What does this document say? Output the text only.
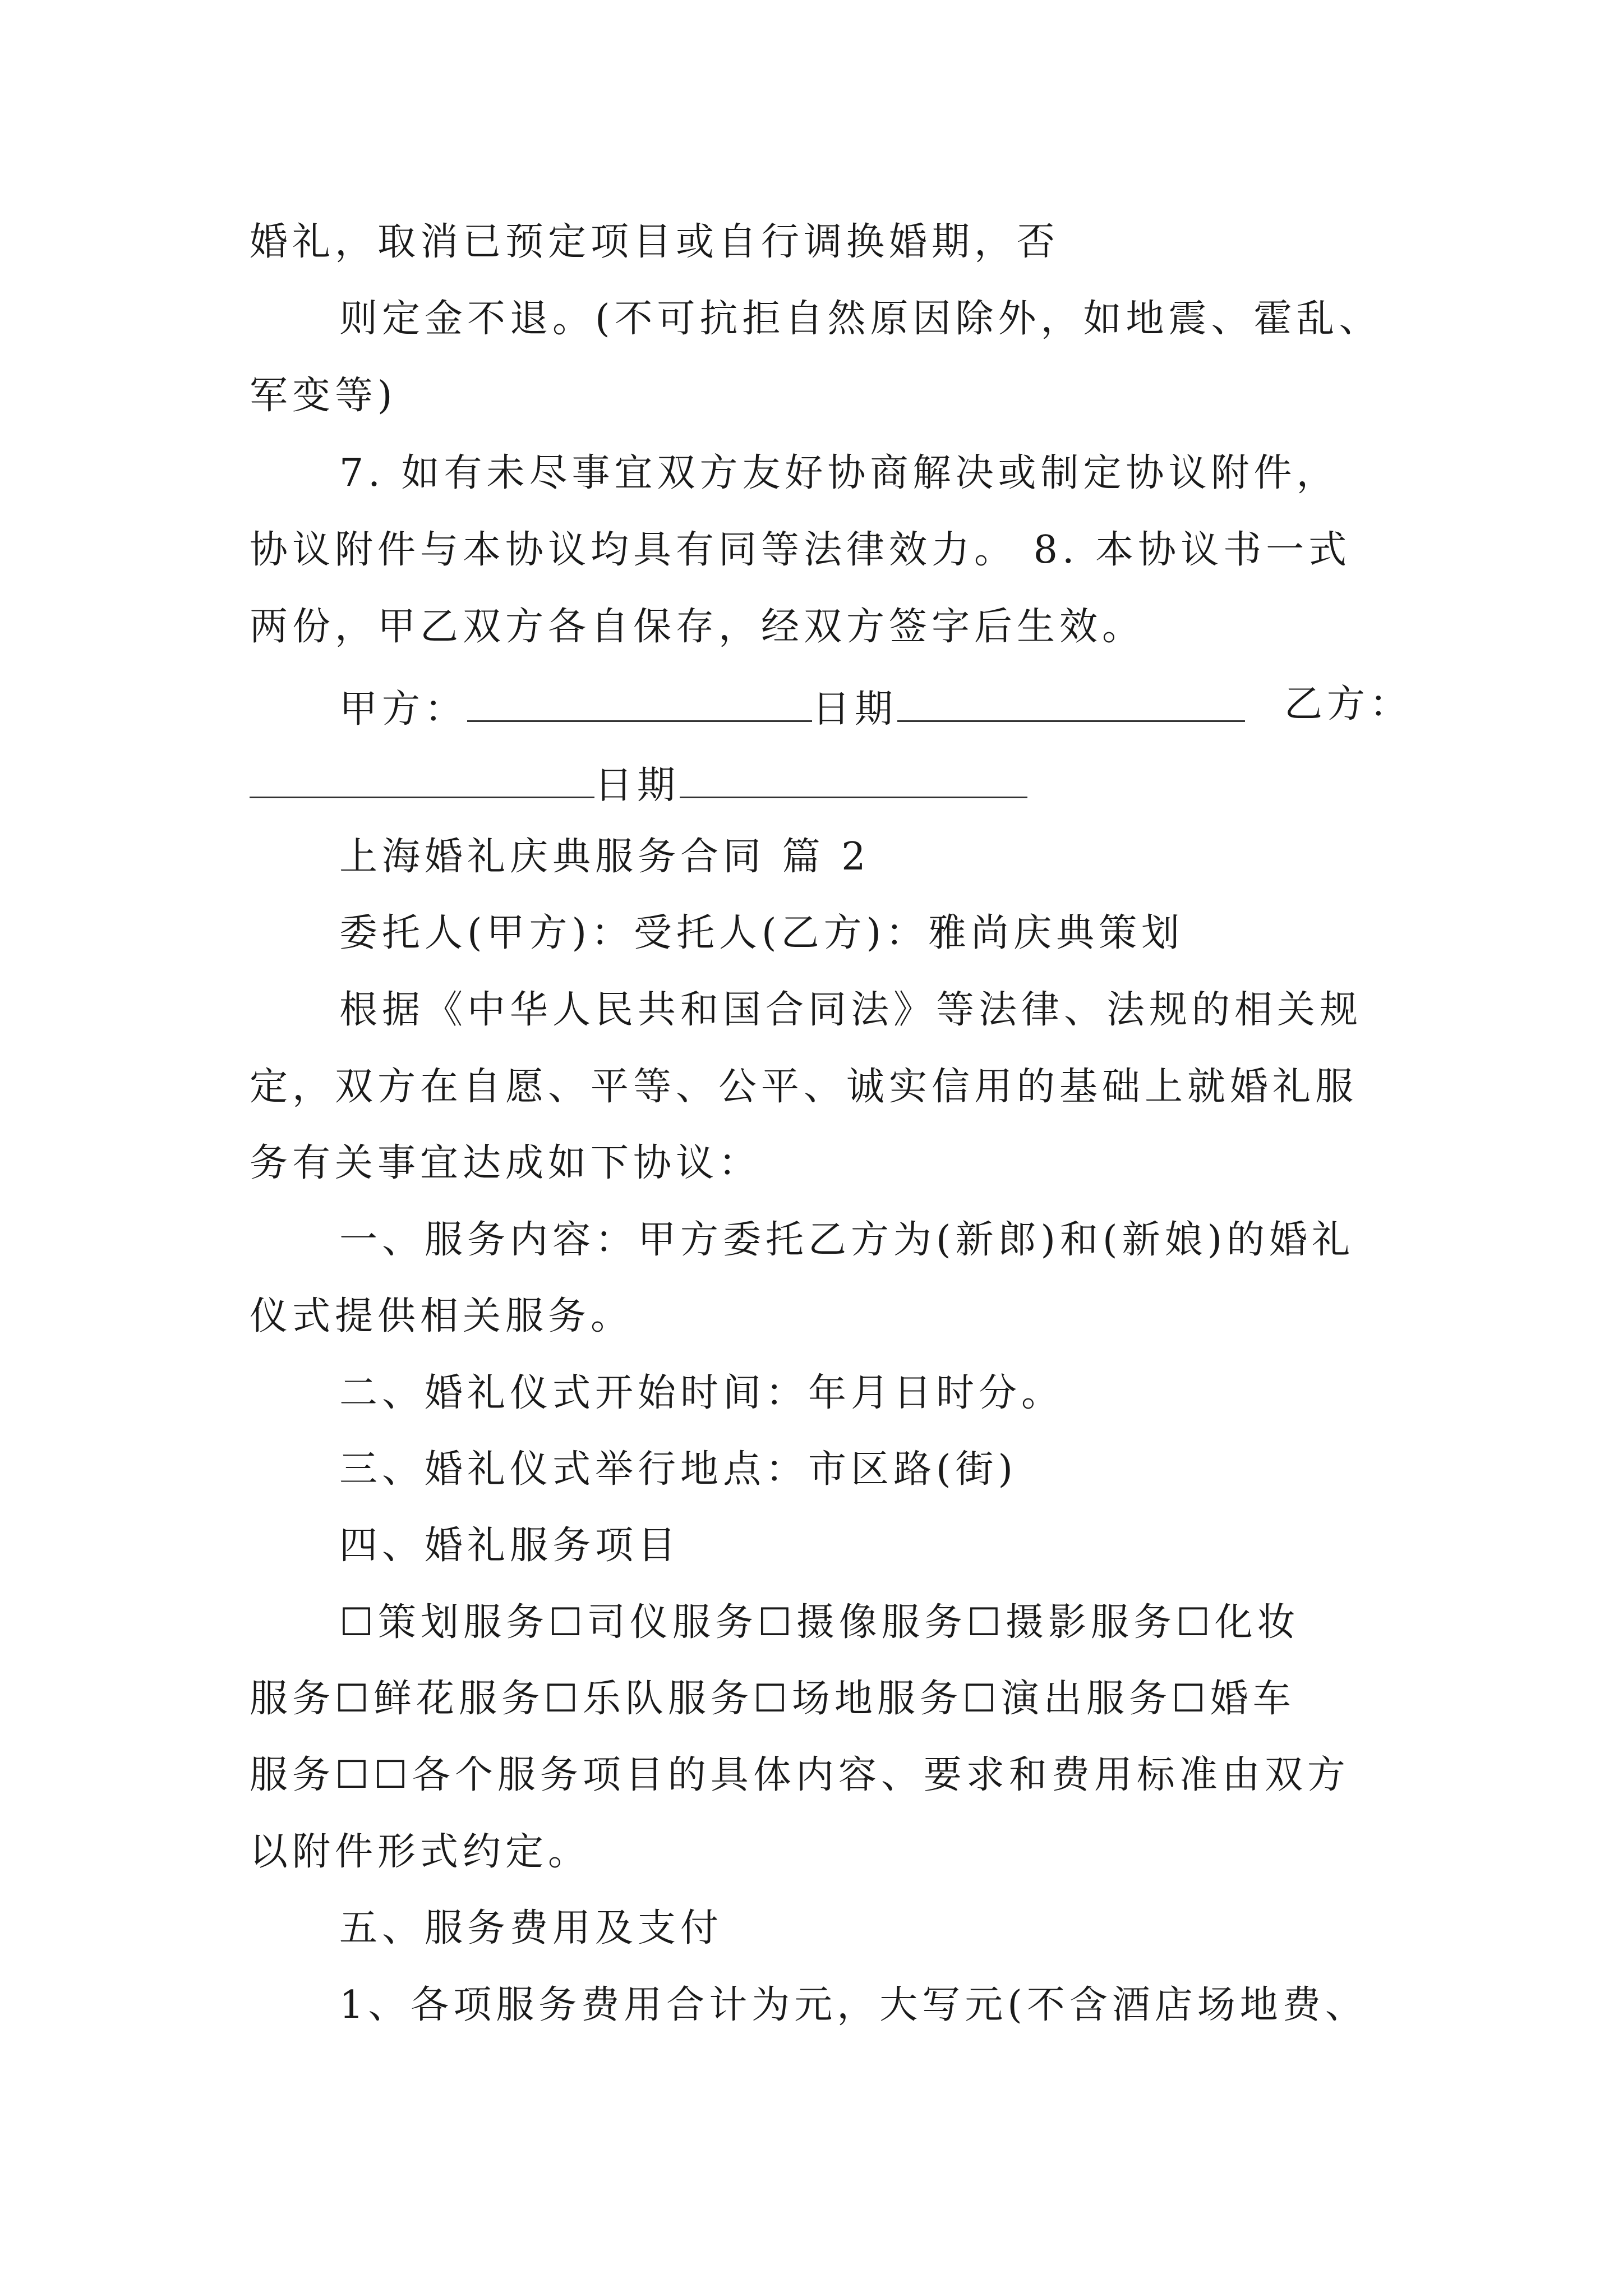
婚礼，取消已预定项目或自行调换婚期，否
则定金不退。(不可抗拒自然原因除外，如地震、霍乱、
军变等)
7. 如有未尽事宜双方友好协商解决或制定协议附件，
协议附件与本协议均具有同等法律效力。 8. 本协议书一式
两份，甲乙双方各自保存，经双方签字后生效。
甲方：	日期	乙方：
日期
上海婚礼庆典服务合同 篇 2
委托人(甲方)：受托人(乙方)：雅尚庆典策划
根据《中华人民共和国合同法》等法律、法规的相关规
定，双方在自愿、平等、公平、诚实信用的基础上就婚礼服
务有关事宜达成如下协议：
一、服务内容：甲方委托乙方为(新郎)和(新娘)的婚礼
仪式提供相关服务。
二、婚礼仪式开始时间：年月日时分。
三、婚礼仪式举行地点：市区路(街)
四、婚礼服务项目
☐策划服务☐司仪服务☐摄像服务☐摄影服务☐化妆
服务☐鲜花服务☐乐队服务☐场地服务☐演出服务☐婚车
服务☐☐各个服务项目的具体内容、要求和费用标准由双方
以附件形式约定。
五、服务费用及支付
1、各项服务费用合计为元，大写元(不含酒店场地费、
